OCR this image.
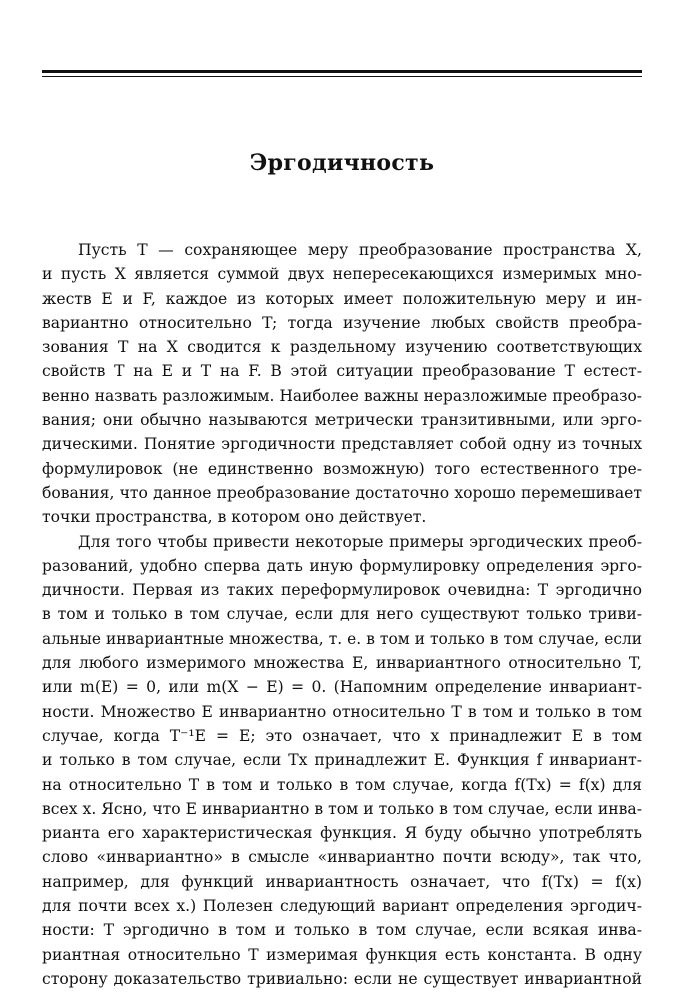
Эргодичность
Пусть T — сохраняющее меру преобразование пространства X,
и пусть X является суммой двух непересекающихся измеримых мно-
жеств E и F, каждое из которых имеет положительную меру и ин-
вариантно относительно T; тогда изучение любых свойств преобра-
зования T на X сводится к раздельному изучению соответствующих
свойств T на E и T на F. В этой ситуации преобразование T естест-
венно назвать разложимым. Наиболее важны неразложимые преобразо-
вания; они обычно называются метрически транзитивными, или эрго-
дическими. Понятие эргодичности представляет собой одну из точных
формулировок (не единственно возможную) того естественного тре-
бования, что данное преобразование достаточно хорошо перемешивает
точки пространства, в котором оно действует.
Для того чтобы привести некоторые примеры эргодических преоб-
разований, удобно сперва дать иную формулировку определения эрго-
дичности. Первая из таких переформулировок очевидна: T эргодично
в том и только в том случае, если для него существуют только триви-
альные инвариантные множества, т. е. в том и только в том случае, если
для любого измеримого множества E, инвариантного относительно T,
или m(E) = 0, или m(X − E) = 0. (Напомним определение инвариант-
ности. Множество E инвариантно относительно T в том и только в том
случае, когда T⁻¹E = E; это означает, что x принадлежит E в том
и только в том случае, если Tx принадлежит E. Функция f инвариант-
на относительно T в том и только в том случае, когда f(Tx) = f(x) для
всех x. Ясно, что E инвариантно в том и только в том случае, если инва-
рианта его характеристическая функция. Я буду обычно употреблять
слово «инвариантно» в смысле «инвариантно почти всюду», так что,
например, для функций инвариантность означает, что f(Tx) = f(x)
для почти всех x.) Полезен следующий вариант определения эргодич-
ности: T эргодично в том и только в том случае, если всякая инва-
риантная относительно T измеримая функция есть константа. В одну
сторону доказательство тривиально: если не существует инвариантной
